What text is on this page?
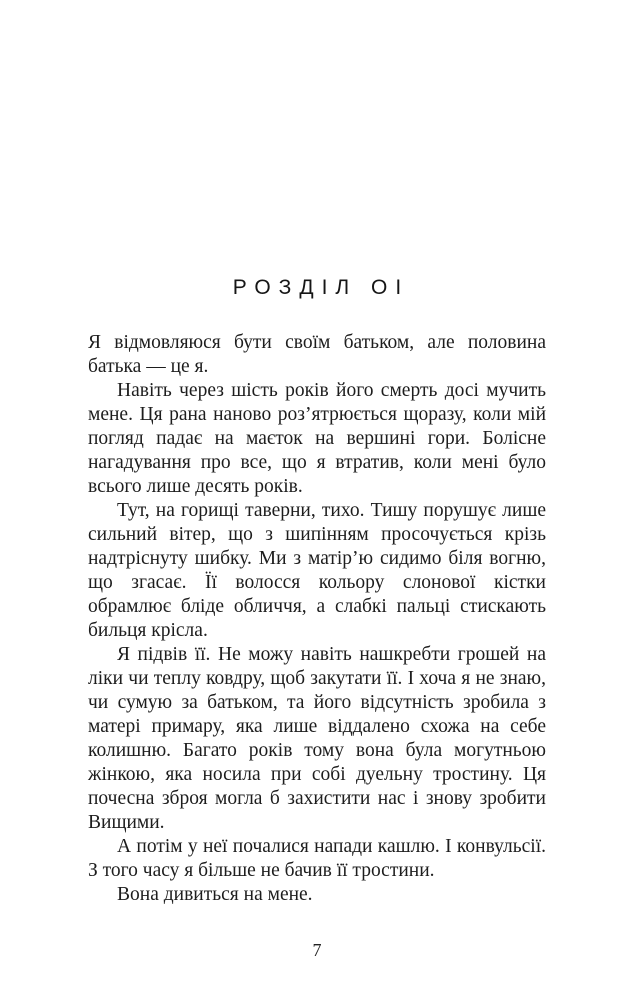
РОЗДІЛ ОІ

Я відмовляюся бути своїм батьком, але половина батька — це я.

Навіть через шість років його смерть досі мучить мене. Ця рана наново роз’ятрюється щоразу, коли мій погляд падає на маєток на вершині гори. Болісне нагадування про все, що я втратив, коли мені було всього лише десять років.

Тут, на горищі таверни, тихо. Тишу порушує лише сильний вітер, що з шипінням просочується крізь надтріснуту шибку. Ми з матір’ю сидимо біля вогню, що згасає. Її волосся кольору слонової кістки обрамлює бліде обличчя, а слабкі пальці стискають бильця крісла.

Я підвів її. Не можу навіть нашкребти грошей на ліки чи теплу ковдру, щоб закутати її. І хоча я не знаю, чи сумую за батьком, та його відсутність зробила з матері примару, яка лише віддалено схожа на себе колишню. Багато років тому вона була могутньою жінкою, яка носила при собі дуельну тростину. Ця почесна зброя могла б захистити нас і знову зробити Вищими.

А потім у неї почалися напади кашлю. І конвульсії. З того часу я більше не бачив її тростини.

Вона дивиться на мене.

7
